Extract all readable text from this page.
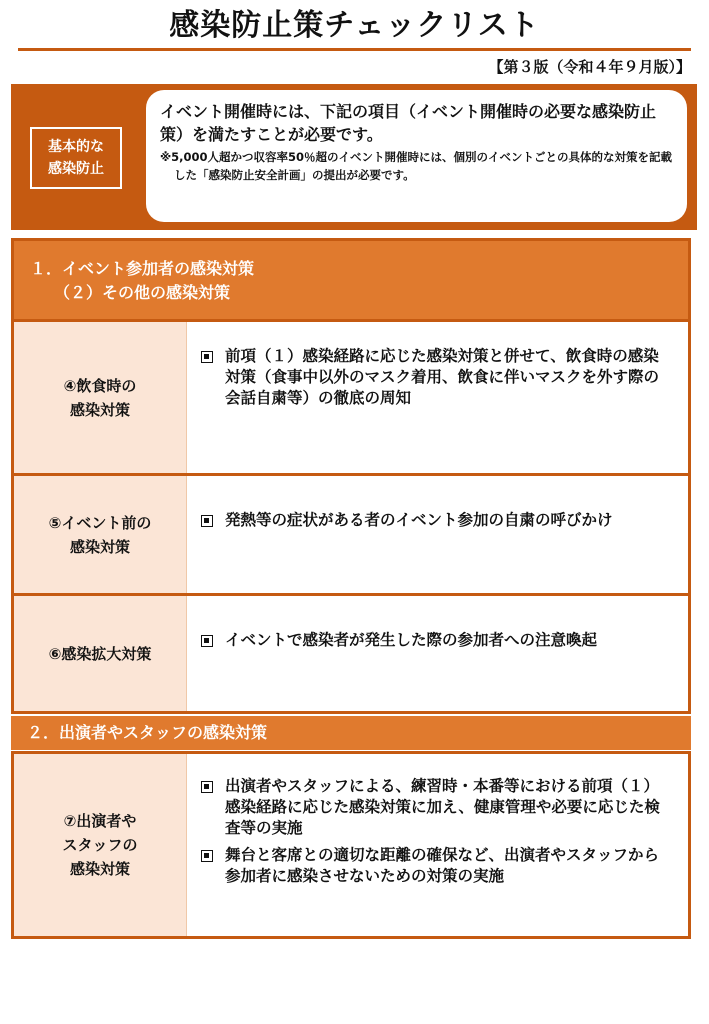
感染防止策チェックリスト
【第３版（令和４年９月版）】
基本的な
感染防止
イベント開催時には、下記の項目（イベント開催時の必要な感染防止策）を満たすことが必要です。
※5,000人超かつ収容率50％超のイベント開催時には、個別のイベントごとの具体的な対策を記載した「感染防止安全計画」の提出が必要です。
１．イベント参加者の感染対策
（２）その他の感染対策
④飲食時の
感染対策
前項（１）感染経路に応じた感染対策と併せて、飲食時の感染対策（食事中以外のマスク着用、飲食に伴いマスクを外す際の会話自粛等）の徹底の周知
⑤イベント前の
感染対策
発熱等の症状がある者のイベント参加の自粛の呼びかけ
⑥感染拡大対策
イベントで感染者が発生した際の参加者への注意喚起
２．出演者やスタッフの感染対策
⑦出演者や
スタッフの
感染対策
出演者やスタッフによる、練習時・本番等における前項（１）感染経路に応じた感染対策に加え、健康管理や必要に応じた検査等の実施
舞台と客席との適切な距離の確保など、出演者やスタッフから参加者に感染させないための対策の実施
